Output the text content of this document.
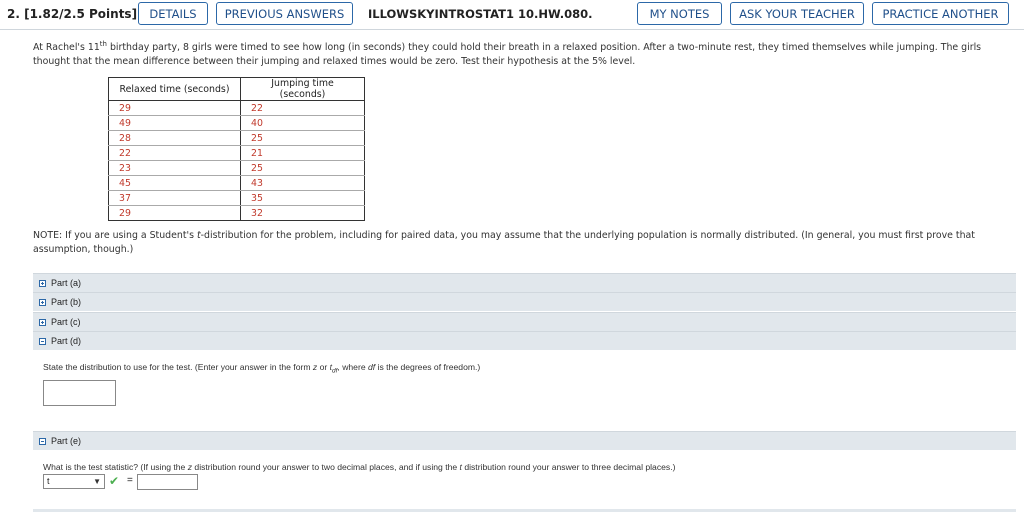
2. [1.82/2.5 Points]	DETAILS	PREVIOUS ANSWERS	ILLOWSKYINTROSTAT1 10.HW.080.	MY NOTES	ASK YOUR TEACHER	PRACTICE ANOTHER
At Rachel's 11th birthday party, 8 girls were timed to see how long (in seconds) they could hold their breath in a relaxed position. After a two-minute rest, they timed themselves while jumping. The girls thought that the mean difference between their jumping and relaxed times would be zero. Test their hypothesis at the 5% level.
Relaxed time (seconds)	Jumping time (seconds)
29	22
49	40
28	25
22	21
23	25
45	43
37	35
29	32
NOTE: If you are using a Student's t-distribution for the problem, including for paired data, you may assume that the underlying population is normally distributed. (In general, you must first prove that assumption, though.)
Part (a)
Part (b)
Part (c)
Part (d)
State the distribution to use for the test. (Enter your answer in the form z or $t_{df}$, where df is the degrees of freedom.)
Part (e)
What is the test statistic? (If using the z distribution round your answer to two decimal places, and if using the t distribution round your answer to three decimal places.)
t	▼ ✔ =
